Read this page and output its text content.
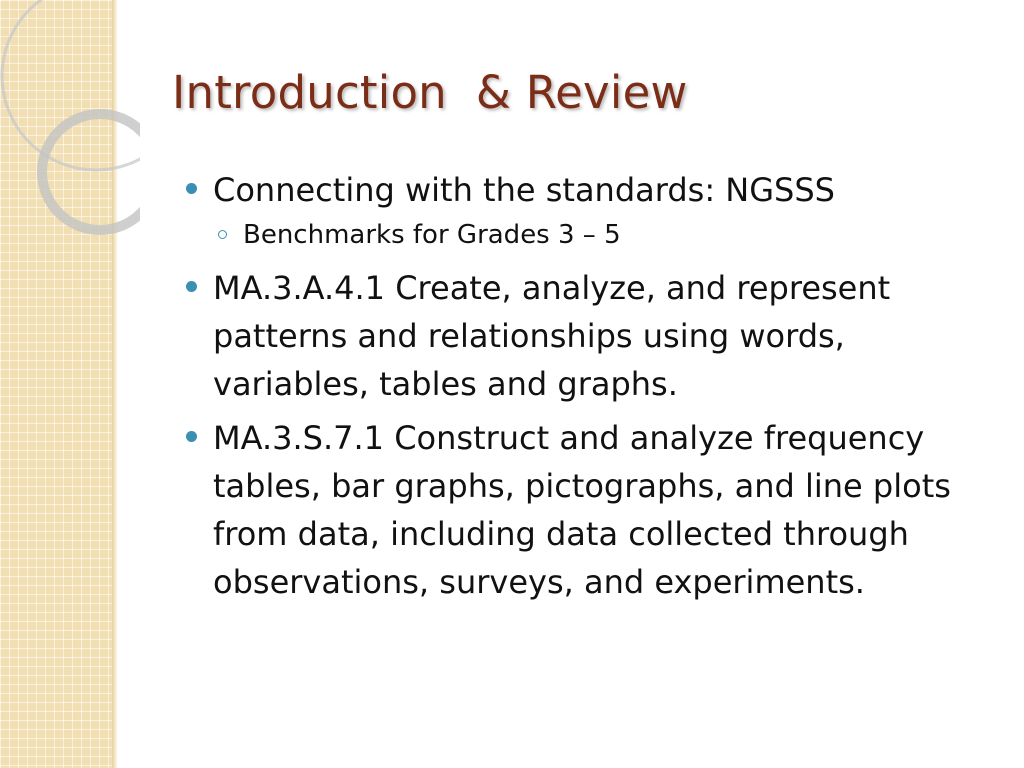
Introduction  & Review
Connecting with the standards: NGSSS
Benchmarks for Grades 3 – 5
MA.3.A.4.1 Create, analyze, and represent patterns and relationships using words, variables, tables and graphs.
MA.3.S.7.1 Construct and analyze frequency tables, bar graphs, pictographs, and line plots from data, including data collected through observations, surveys, and experiments.
